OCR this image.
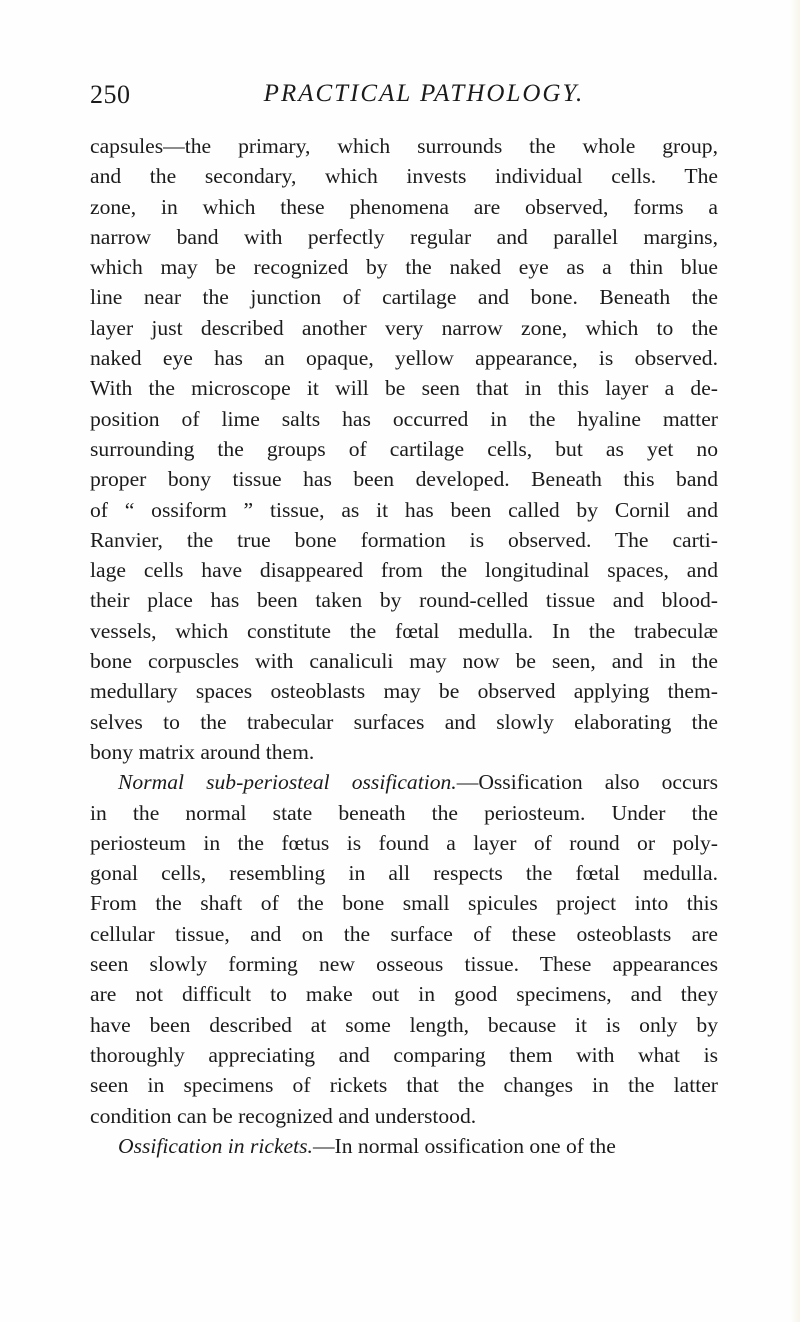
250	PRACTICAL PATHOLOGY.
capsules—the primary, which surrounds the whole group,
and the secondary, which invests individual cells. The
zone, in which these phenomena are observed, forms a
narrow band with perfectly regular and parallel margins,
which may be recognized by the naked eye as a thin blue
line near the junction of cartilage and bone. Beneath the
layer just described another very narrow zone, which to the
naked eye has an opaque, yellow appearance, is observed.
With the microscope it will be seen that in this layer a de-
position of lime salts has occurred in the hyaline matter
surrounding the groups of cartilage cells, but as yet no
proper bony tissue has been developed. Beneath this band
of “ ossiform ” tissue, as it has been called by Cornil and
Ranvier, the true bone formation is observed. The carti-
lage cells have disappeared from the longitudinal spaces, and
their place has been taken by round-celled tissue and blood-
vessels, which constitute the fœtal medulla. In the trabeculæ
bone corpuscles with canaliculi may now be seen, and in the
medullary spaces osteoblasts may be observed applying them-
selves to the trabecular surfaces and slowly elaborating the
bony matrix around them.
Normal sub-periosteal ossification.—Ossification also occurs
in the normal state beneath the periosteum. Under the
periosteum in the fœtus is found a layer of round or poly-
gonal cells, resembling in all respects the fœtal medulla.
From the shaft of the bone small spicules project into this
cellular tissue, and on the surface of these osteoblasts are
seen slowly forming new osseous tissue. These appearances
are not difficult to make out in good specimens, and they
have been described at some length, because it is only by
thoroughly appreciating and comparing them with what is
seen in specimens of rickets that the changes in the latter
condition can be recognized and understood.
Ossification in rickets.—In normal ossification one of the
